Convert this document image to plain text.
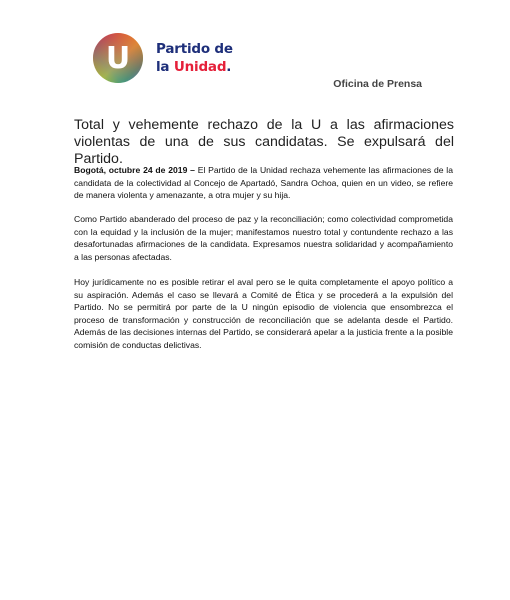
U Partido de
la Unidad.
Oficina de Prensa
Total y vehemente rechazo de la U a las afirmaciones violentas de una de sus candidatas. Se expulsará del Partido.
Bogotá, octubre 24 de 2019 – El Partido de la Unidad rechaza vehemente las afirmaciones de la candidata de la colectividad al Concejo de Apartadó, Sandra Ochoa, quien en un video, se refiere de manera violenta y amenazante, a otra mujer y su hija.
Como Partido abanderado del proceso de paz y la reconciliación; como colectividad comprometida con la equidad y la inclusión de la mujer; manifestamos nuestro total y contundente rechazo a las desafortunadas afirmaciones de la candidata. Expresamos nuestra solidaridad y acompañamiento a las personas afectadas.
Hoy jurídicamente no es posible retirar el aval pero se le quita completamente el apoyo político a su aspiración. Además el caso se llevará a Comité de Ética y se procederá a la expulsión del Partido. No se permitirá por parte de la U ningún episodio de violencia que ensombrezca el proceso de transformación y construcción de reconciliación que se adelanta desde el Partido. Además de las decisiones internas del Partido, se considerará apelar a la justicia frente a la posible comisión de conductas delictivas.
